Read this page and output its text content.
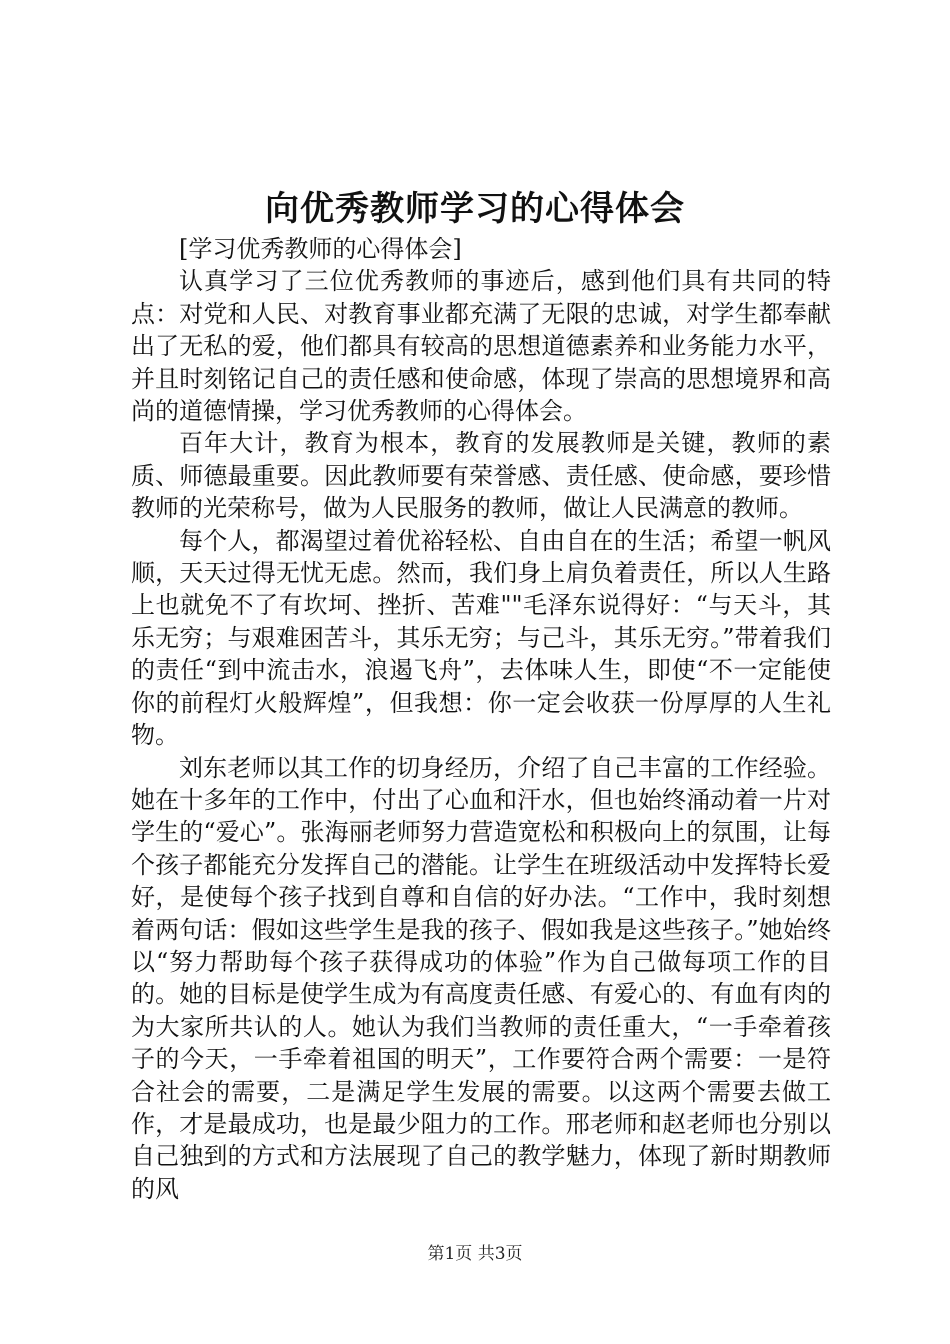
向优秀教师学习的心得体会

[学习优秀教师的心得体会]

认真学习了三位优秀教师的事迹后，感到他们具有共同的特点：对党和人民、对教育事业都充满了无限的忠诚，对学生都奉献出了无私的爱，他们都具有较高的思想道德素养和业务能力水平，并且时刻铭记自己的责任感和使命感，体现了崇高的思想境界和高尚的道德情操，学习优秀教师的心得体会。

百年大计，教育为根本，教育的发展教师是关键，教师的素质、师德最重要。因此教师要有荣誉感、责任感、使命感，要珍惜教师的光荣称号，做为人民服务的教师，做让人民满意的教师。

每个人，都渴望过着优裕轻松、自由自在的生活；希望一帆风顺，天天过得无忧无虑。然而，我们身上肩负着责任，所以人生路上也就免不了有坎坷、挫折、苦难""毛泽东说得好：“与天斗，其乐无穷；与艰难困苦斗，其乐无穷；与己斗，其乐无穷。”带着我们的责任“到中流击水，浪遏飞舟”，去体味人生，即使“不一定能使你的前程灯火般辉煌”，但我想：你一定会收获一份厚厚的人生礼物。

刘东老师以其工作的切身经历，介绍了自己丰富的工作经验。她在十多年的工作中，付出了心血和汗水，但也始终涌动着一片对学生的“爱心”。张海丽老师努力营造宽松和积极向上的氛围，让每个孩子都能充分发挥自己的潜能。让学生在班级活动中发挥特长爱好，是使每个孩子找到自尊和自信的好办法。“工作中，我时刻想着两句话：假如这些学生是我的孩子、假如我是这些孩子。”她始终以“努力帮助每个孩子获得成功的体验”作为自己做每项工作的目的。她的目标是使学生成为有高度责任感、有爱心的、有血有肉的为大家所共认的人。她认为我们当教师的责任重大，“一手牵着孩子的今天，一手牵着祖国的明天”，工作要符合两个需要：一是符合社会的需要，二是满足学生发展的需要。以这两个需要去做工作，才是最成功，也是最少阻力的工作。邢老师和赵老师也分别以自己独到的方式和方法展现了自己的教学魅力，体现了新时期教师的风

第1页 共3页
